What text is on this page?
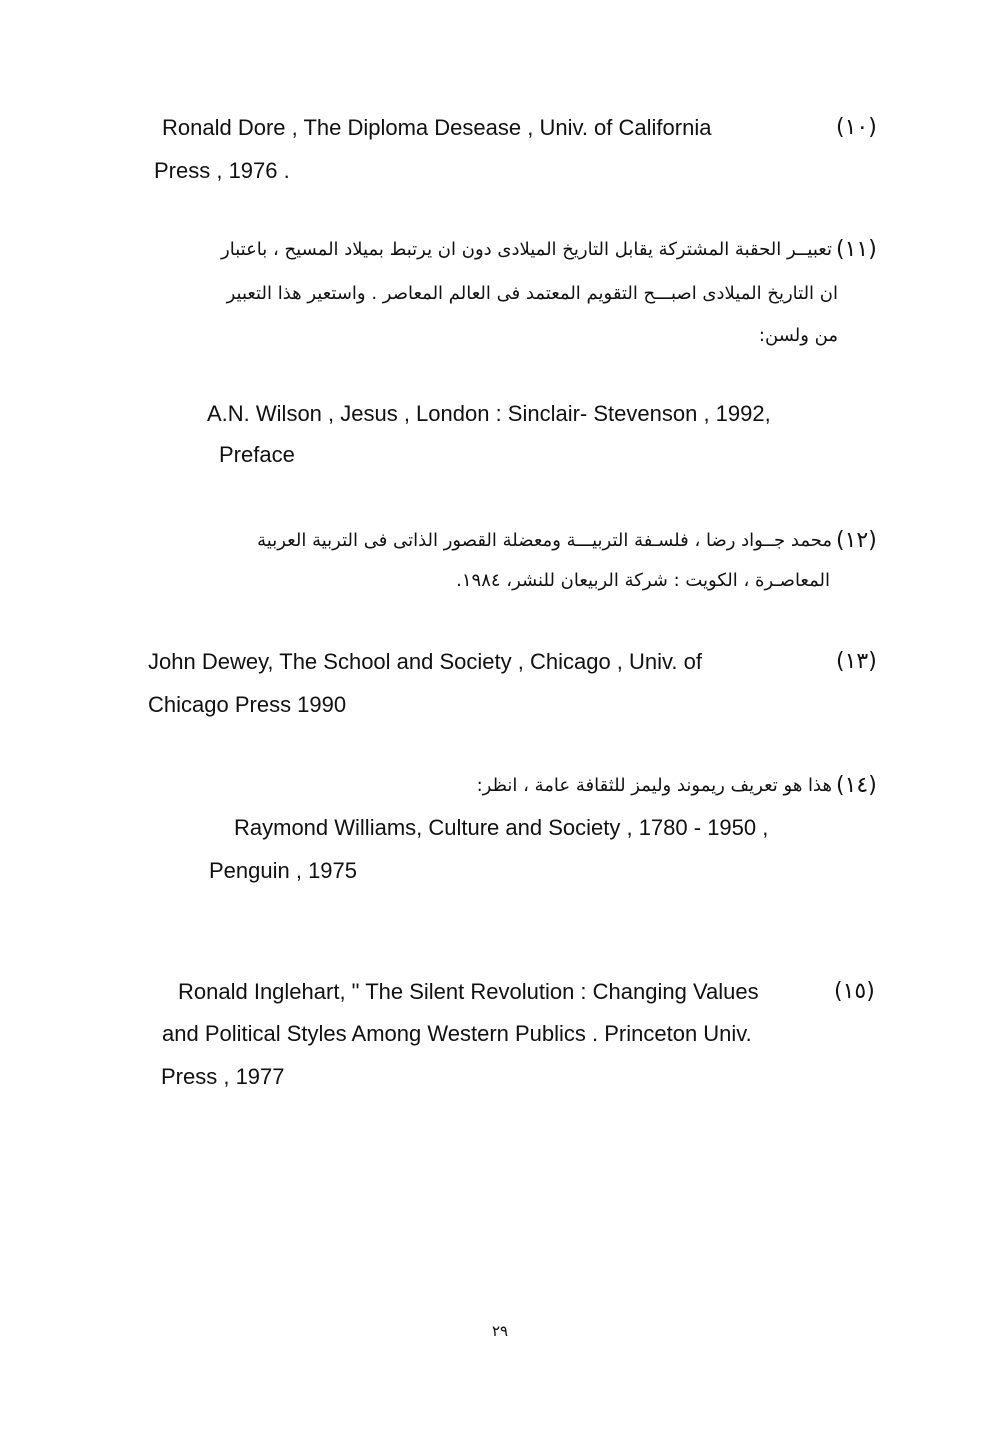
(١٠)
Ronald Dore , The Diploma Desease , Univ. of California
Press , 1976 .
(١١)
تعبيــر الحقبة المشتركة يقابل التاريخ الميلادى دون ان يرتبط بميلاد المسيح ، باعتبار
ان التاريخ الميلادى اصبـــح التقويم المعتمد فى العالم المعاصر . واستعير هذا التعبير
من ولسن:
A.N. Wilson , Jesus , London : Sinclair- Stevenson , 1992,
Preface
(١٢)
محمد جــواد رضا ، فلسـفة التربيـــة ومعضلة القصور الذاتى فى التربية العربية
المعاصـرة ، الكويت : شركة الربيعان للنشر، ١٩٨٤.
(١٣)
John Dewey, The School and Society , Chicago , Univ. of
Chicago Press 1990
(١٤)
هذا هو تعريف ريموند وليمز للثقافة عامة ، انظر:
Raymond Williams, Culture and Society , 1780 - 1950 ,
Penguin , 1975
(١٥)
Ronald Inglehart, " The Silent Revolution : Changing Values
and Political Styles Among Western Publics . Princeton Univ.
Press , 1977
٢٩
